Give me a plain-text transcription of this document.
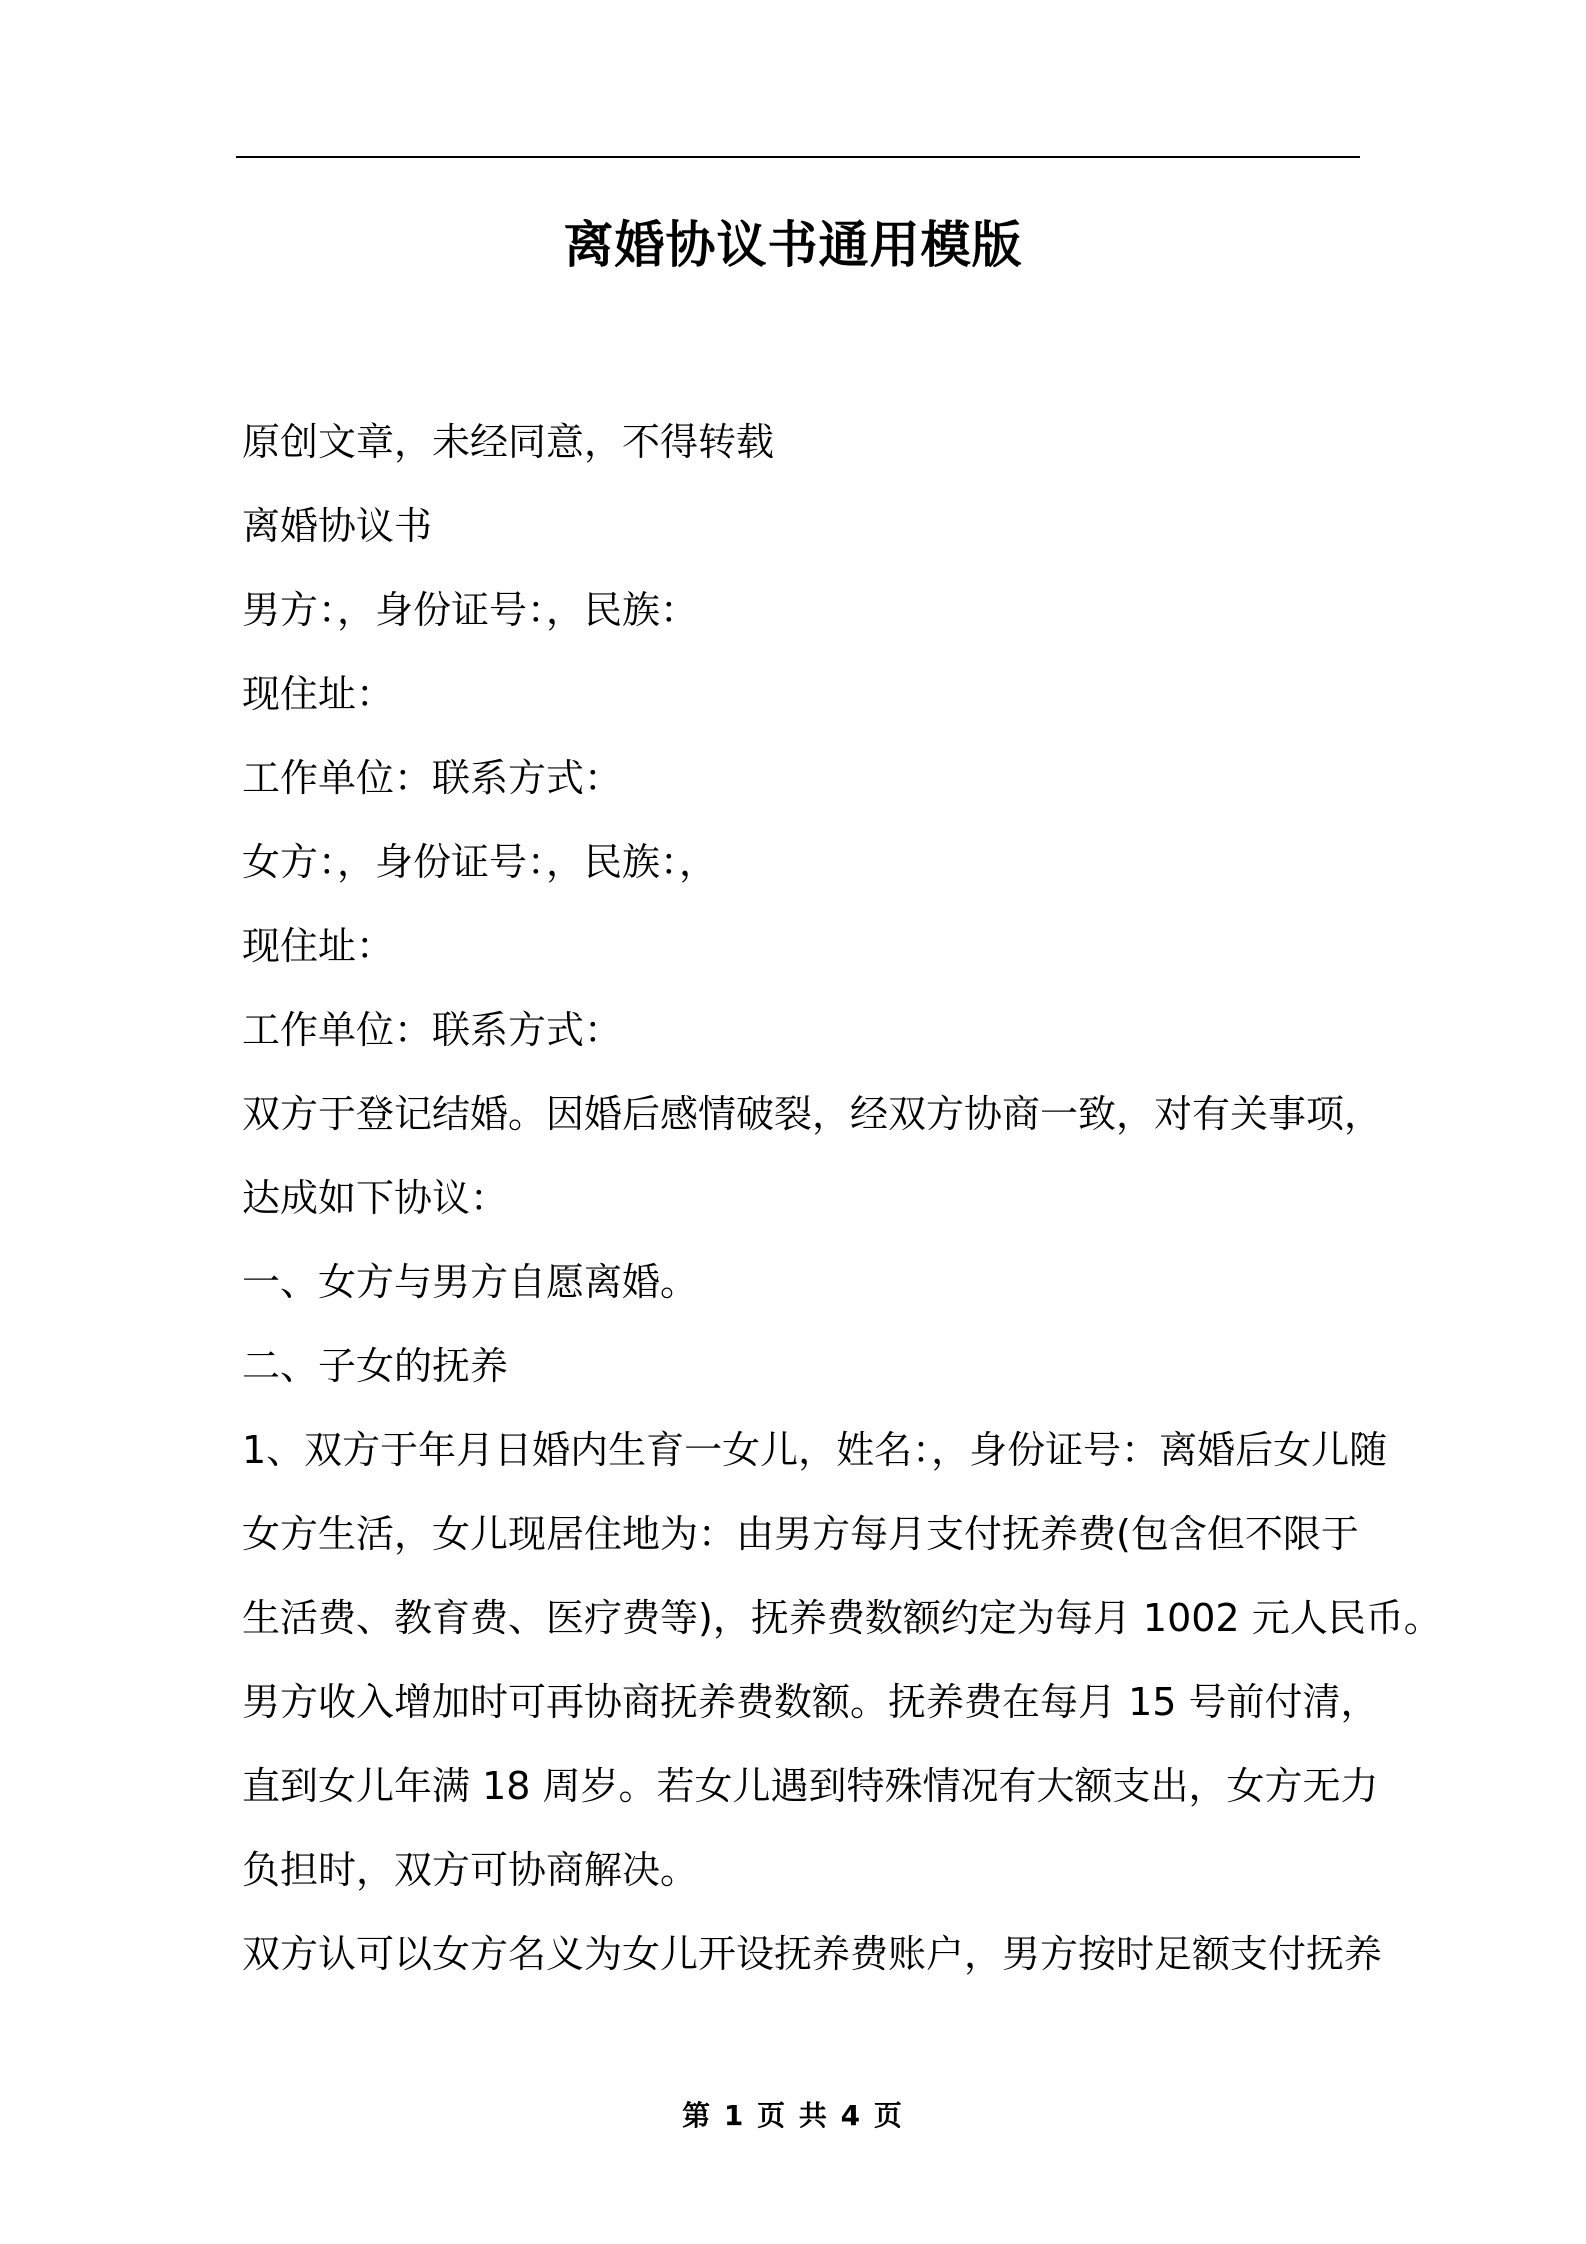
离婚协议书通用模版

原创文章，未经同意，不得转载

离婚协议书

男方：，身份证号：，民族：

现住址：

工作单位：联系方式：

女方：，身份证号：，民族：，

现住址：

工作单位：联系方式：

双方于登记结婚。因婚后感情破裂，经双方协商一致，对有关事项，
达成如下协议：

一、女方与男方自愿离婚。

二、子女的抚养

1、双方于年月日婚内生育一女儿，姓名：，身份证号：离婚后女儿随
女方生活，女儿现居住地为：由男方每月支付抚养费(包含但不限于
生活费、教育费、医疗费等)，抚养费数额约定为每月 1002 元人民币。
男方收入增加时可再协商抚养费数额。抚养费在每月 15 号前付清，
直到女儿年满 18 周岁。若女儿遇到特殊情况有大额支出，女方无力
负担时，双方可协商解决。

双方认可以女方名义为女儿开设抚养费账户，男方按时足额支付抚养

第 1 页 共 4 页
